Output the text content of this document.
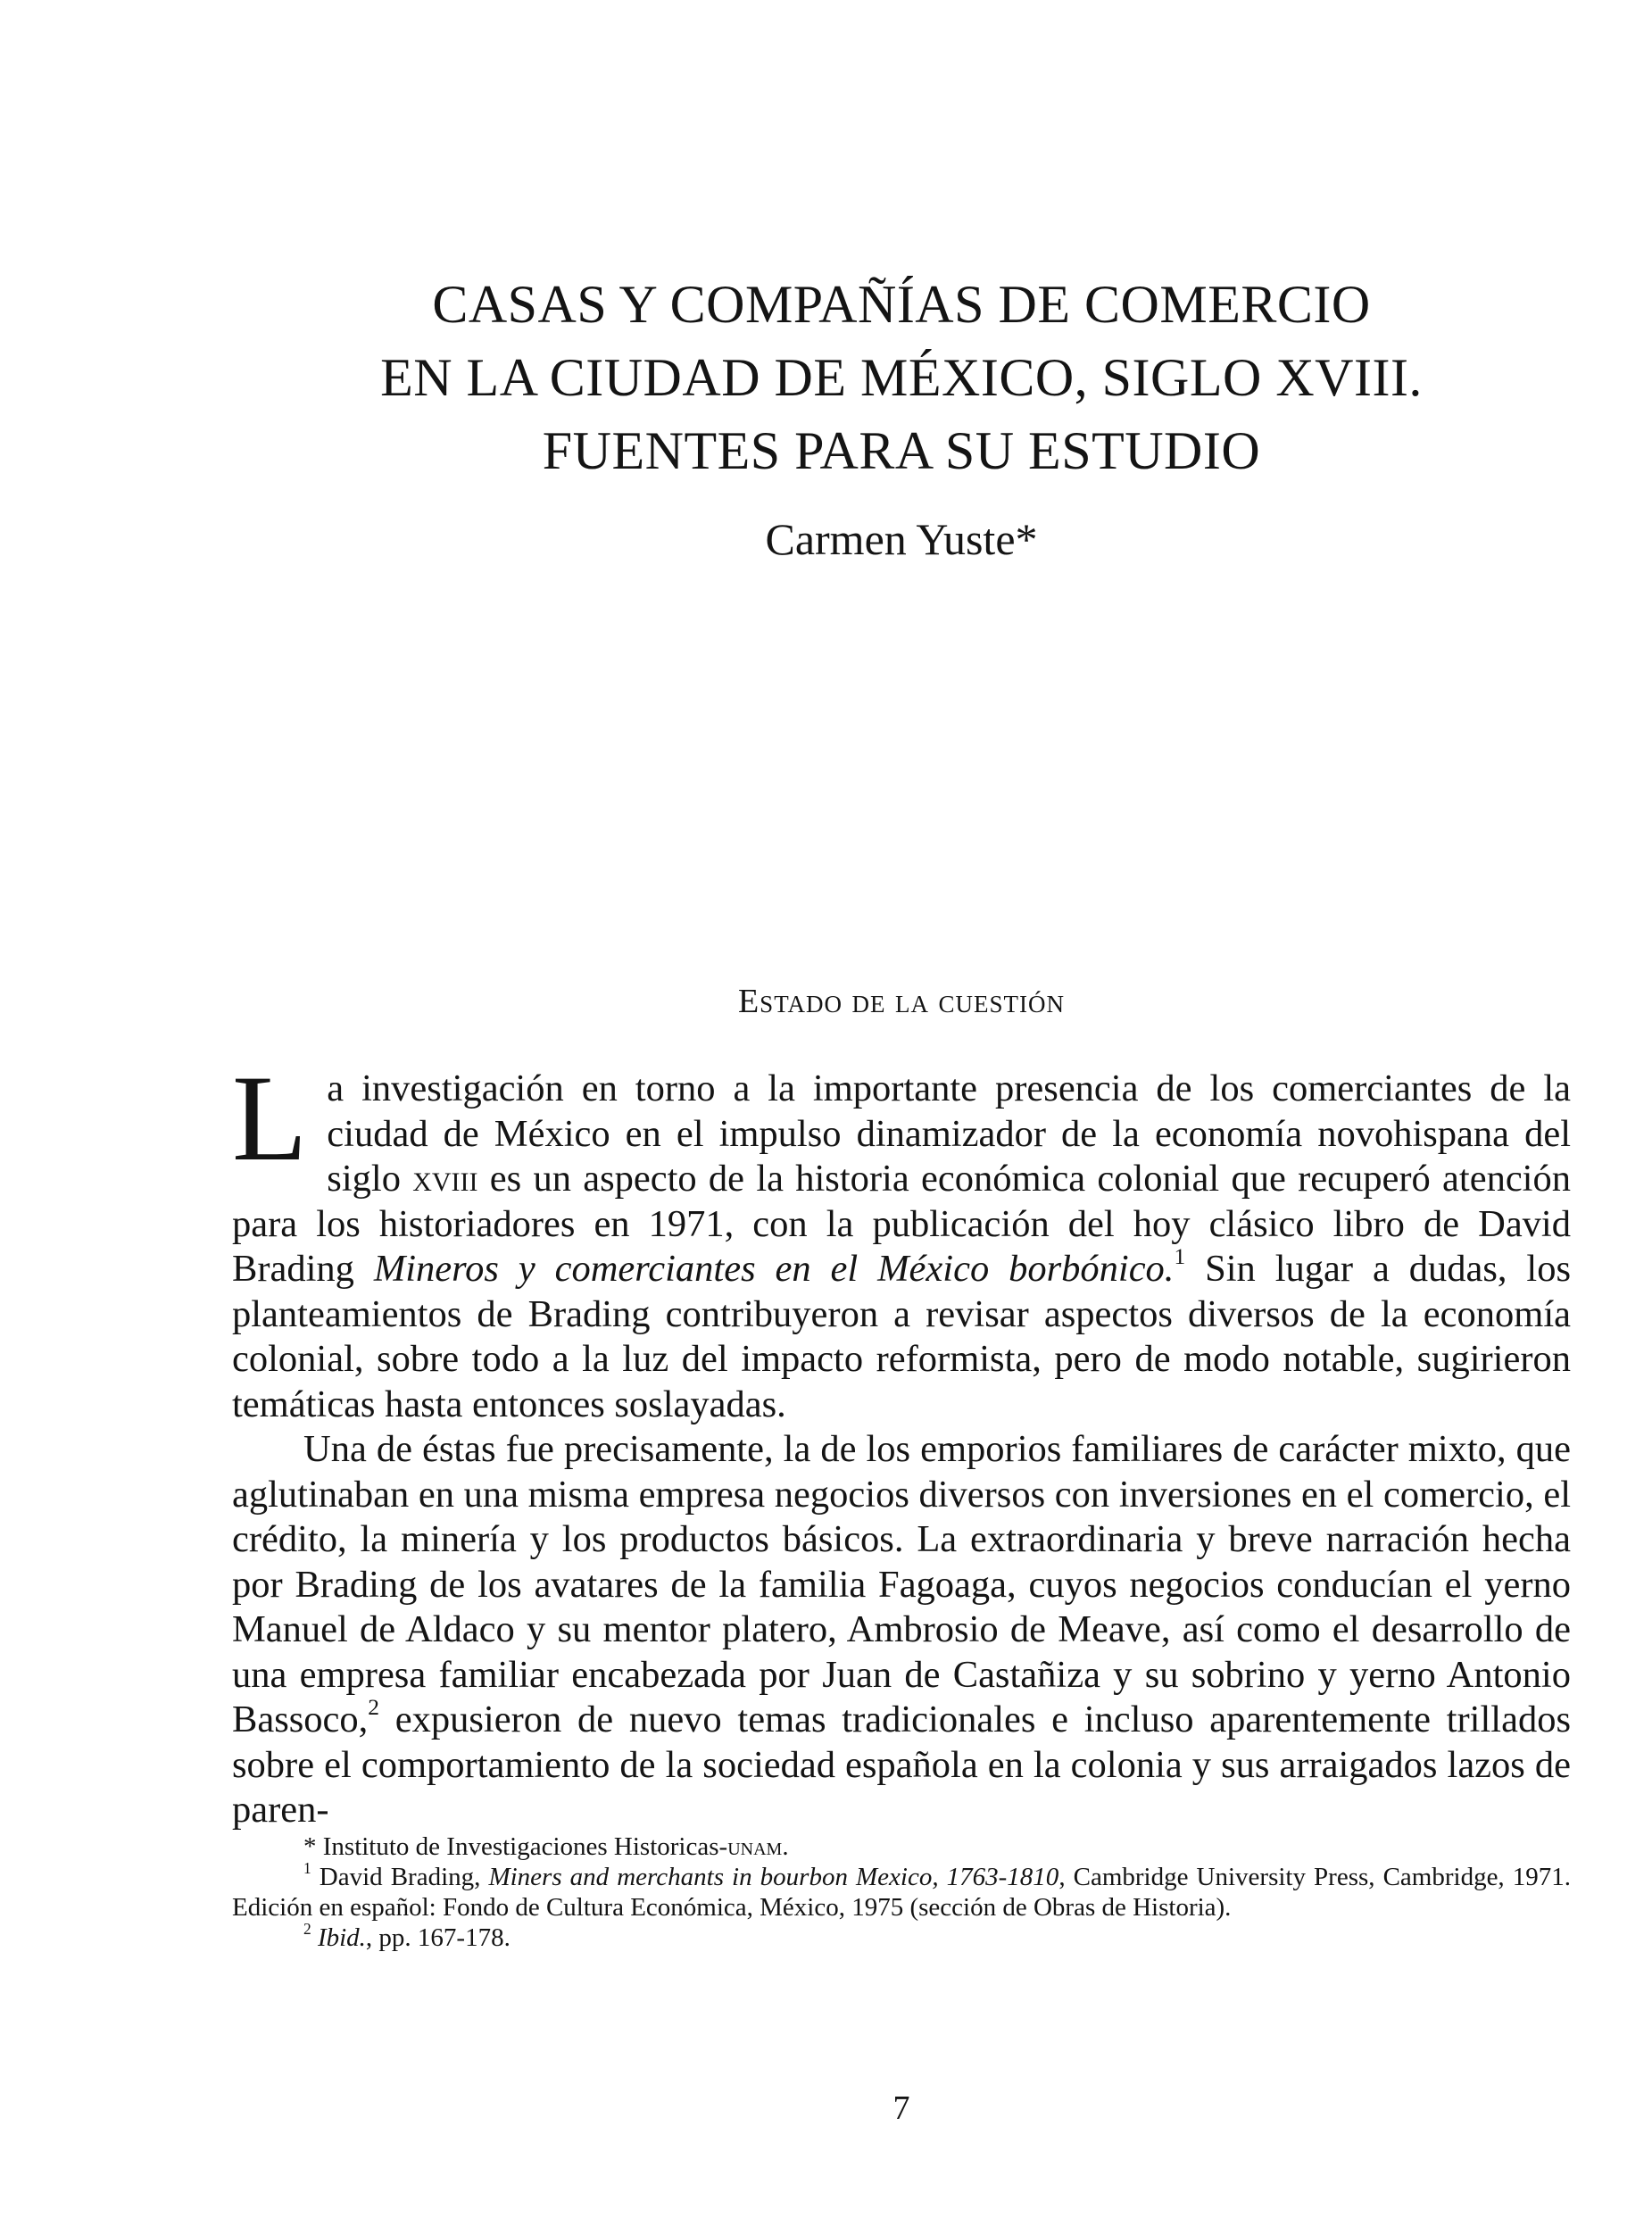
CASAS Y COMPAÑÍAS DE COMERCIO
EN LA CIUDAD DE MÉXICO, SIGLO XVIII.
FUENTES PARA SU ESTUDIO
Carmen Yuste*
Estado de la cuestión

La investigación en torno a la importante presencia de los comerciantes de la ciudad de México en el impulso dinamizador de la economía novohispana del siglo xviii es un aspecto de la historia económica colonial que recuperó atención para los historiadores en 1971, con la publicación del hoy clásico libro de David Brading Mineros y comerciantes en el México borbónico.$^1$ Sin lugar a dudas, los planteamientos de Brading contribuyeron a revisar aspectos diversos de la economía colonial, sobre todo a la luz del impacto reformista, pero de modo notable, sugirieron temáticas hasta entonces soslayadas.

Una de éstas fue precisamente, la de los emporios familiares de carácter mixto, que aglutinaban en una misma empresa negocios diversos con inversiones en el comercio, el crédito, la minería y los productos básicos. La extraordinaria y breve narración hecha por Brading de los avatares de la familia Fagoaga, cuyos negocios conducían el yerno Manuel de Aldaco y su mentor platero, Ambrosio de Meave, así como el desarrollo de una empresa familiar encabezada por Juan de Castañiza y su sobrino y yerno Antonio Bassoco,$^2$ expusieron de nuevo temas tradicionales e incluso aparentemente trillados sobre el comportamiento de la sociedad española en la colonia y sus arraigados lazos de paren-

* Instituto de Investigaciones Historicas-unam.

$^1$ David Brading, Miners and merchants in bourbon Mexico, 1763-1810, Cambridge University Press, Cambridge, 1971. Edición en español: Fondo de Cultura Económica, México, 1975 (sección de Obras de Historia).

$^2$ Ibid., pp. 167-178.

7
